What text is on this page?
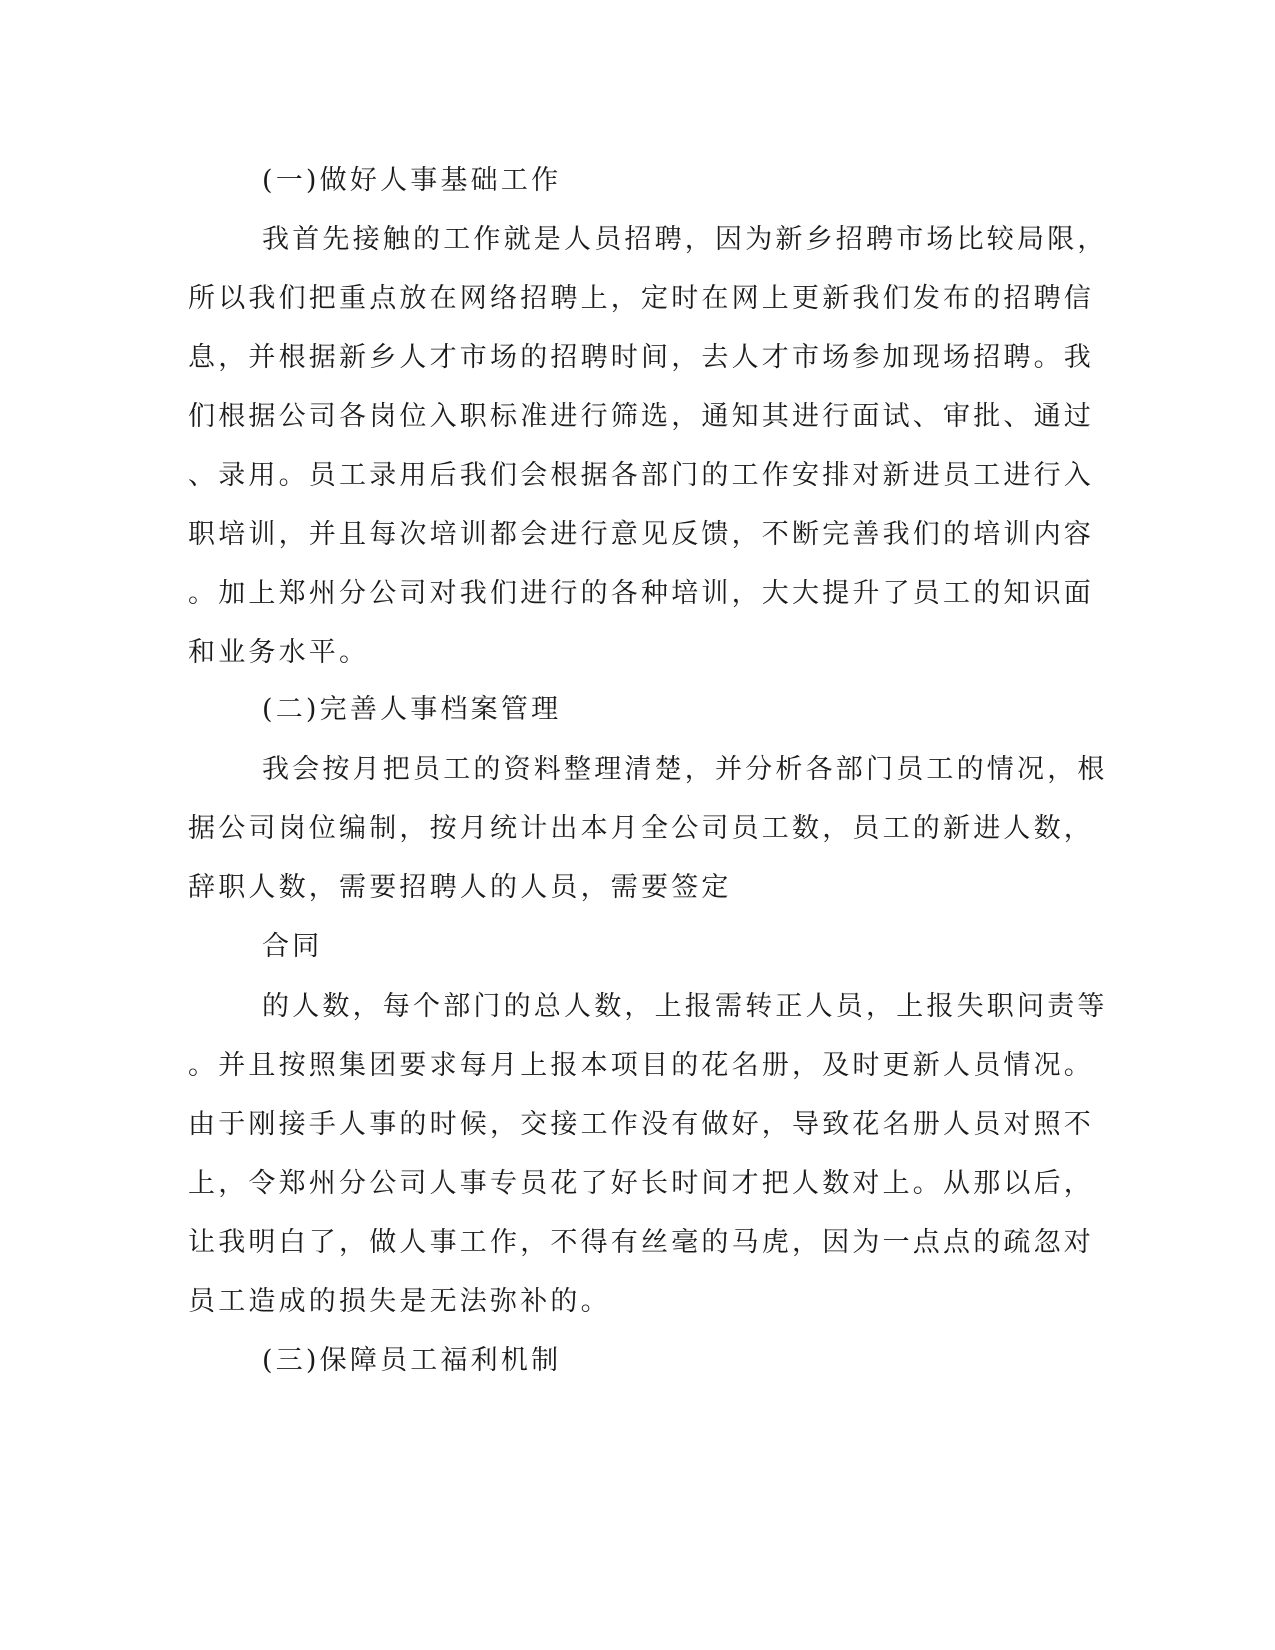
(一)做好人事基础工作
我首先接触的工作就是人员招聘，因为新乡招聘市场比较局限，
所以我们把重点放在网络招聘上，定时在网上更新我们发布的招聘信
息，并根据新乡人才市场的招聘时间，去人才市场参加现场招聘。我
们根据公司各岗位入职标准进行筛选，通知其进行面试、审批、通过
、录用。员工录用后我们会根据各部门的工作安排对新进员工进行入
职培训，并且每次培训都会进行意见反馈，不断完善我们的培训内容
。加上郑州分公司对我们进行的各种培训，大大提升了员工的知识面
和业务水平。
(二)完善人事档案管理
我会按月把员工的资料整理清楚，并分析各部门员工的情况，根
据公司岗位编制，按月统计出本月全公司员工数，员工的新进人数，
辞职人数，需要招聘人的人员，需要签定
合同
的人数，每个部门的总人数，上报需转正人员，上报失职问责等
。并且按照集团要求每月上报本项目的花名册，及时更新人员情况。
由于刚接手人事的时候，交接工作没有做好，导致花名册人员对照不
上，令郑州分公司人事专员花了好长时间才把人数对上。从那以后，
让我明白了，做人事工作，不得有丝毫的马虎，因为一点点的疏忽对
员工造成的损失是无法弥补的。
(三)保障员工福利机制
